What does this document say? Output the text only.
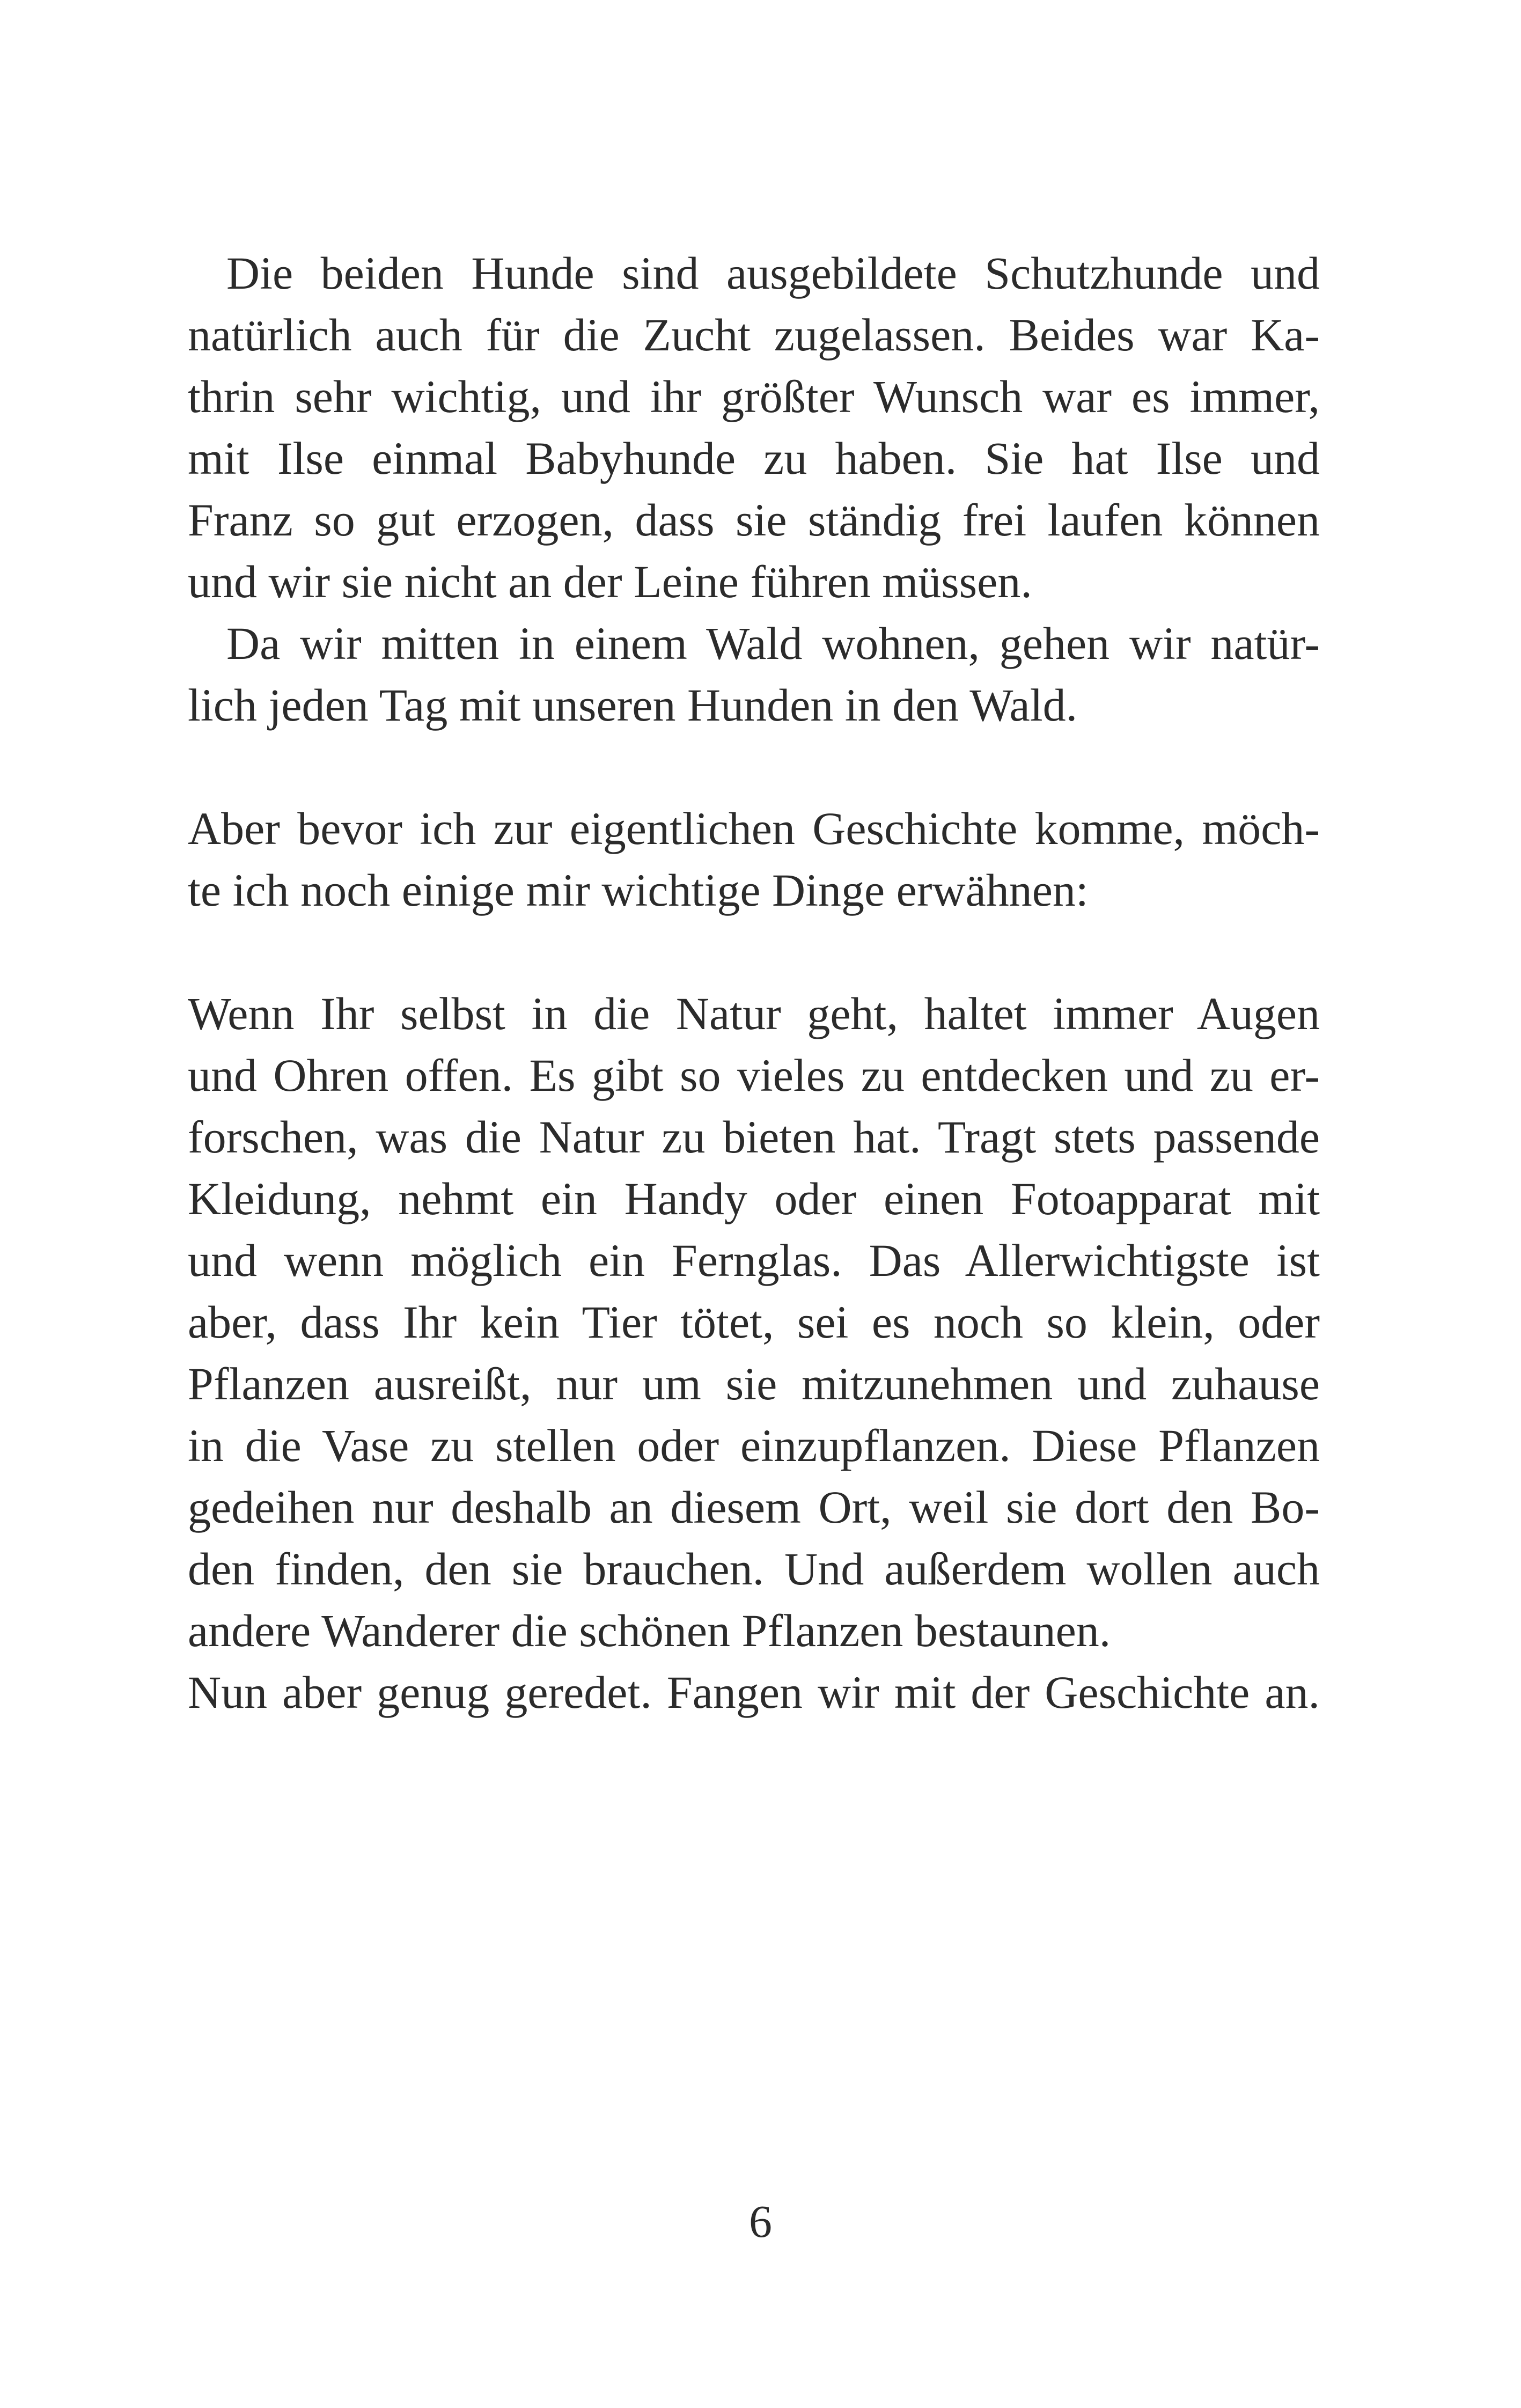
Die beiden Hunde sind ausgebildete Schutzhunde und
natürlich auch für die Zucht zugelassen. Beides war Ka-
thrin sehr wichtig, und ihr größter Wunsch war es immer,
mit Ilse einmal Babyhunde zu haben. Sie hat Ilse und
Franz so gut erzogen, dass sie ständig frei laufen können
und wir sie nicht an der Leine führen müssen.
Da wir mitten in einem Wald wohnen, gehen wir natür-
lich jeden Tag mit unseren Hunden in den Wald.
Aber bevor ich zur eigentlichen Geschichte komme, möch-
te ich noch einige mir wichtige Dinge erwähnen:
Wenn Ihr selbst in die Natur geht, haltet immer Augen
und Ohren offen. Es gibt so vieles zu entdecken und zu er-
forschen, was die Natur zu bieten hat. Tragt stets passende
Kleidung, nehmt ein Handy oder einen Fotoapparat mit
und wenn möglich ein Fernglas. Das Allerwichtigste ist
aber, dass Ihr kein Tier tötet, sei es noch so klein, oder
Pflanzen ausreißt, nur um sie mitzunehmen und zuhause
in die Vase zu stellen oder einzupflanzen. Diese Pflanzen
gedeihen nur deshalb an diesem Ort, weil sie dort den Bo-
den finden, den sie brauchen. Und außerdem wollen auch
andere Wanderer die schönen Pflanzen bestaunen.
Nun aber genug geredet. Fangen wir mit der Geschichte an.
6
